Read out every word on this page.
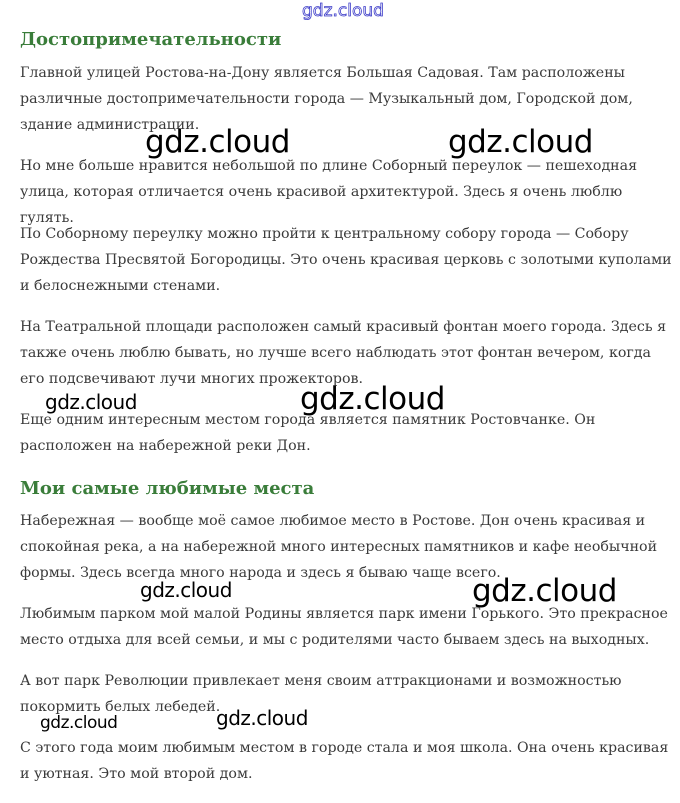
Достопримечательности

Главной улицей Ростова-на-Дону является Большая Садовая. Там расположены различные достопримечательности города — Музыкальный дом, Городской дом, здание администрации.

Но мне больше нравится небольшой по длине Соборный переулок — пешеходная улица, которая отличается очень красивой архитектурой. Здесь я очень люблю гулять.

По Соборному переулку можно пройти к центральному собору города — Собору Рождества Пресвятой Богородицы. Это очень красивая церковь с золотыми куполами и белоснежными стенами.

На Театральной площади расположен самый красивый фонтан моего города. Здесь я также очень люблю бывать, но лучше всего наблюдать этот фонтан вечером, когда его подсвечивают лучи многих прожекторов.

Еще одним интересным местом города является памятник Ростовчанке. Он расположен на набережной реки Дон.

Мои самые любимые места

Набережная — вообще моё самое любимое место в Ростове. Дон очень красивая и спокойная река, а на набережной много интересных памятников и кафе необычной формы. Здесь всегда много народа и здесь я бываю чаще всего.

Любимым парком мой малой Родины является парк имени Горького. Это прекрасное место отдыха для всей семьи, и мы с родителями часто бываем здесь на выходных.

А вот парк Революции привлекает меня своим аттракционами и возможностью покормить белых лебедей.

С этого года моим любимым местом в городе стала и моя школа. Она очень красивая и уютная. Это мой второй дом.

gdz.cloud
gdz.cloud	gdz.cloud
gdz.cloud	gdz.cloud
gdz.cloud	gdz.cloud
gdz.cloud	gdz.cloud
